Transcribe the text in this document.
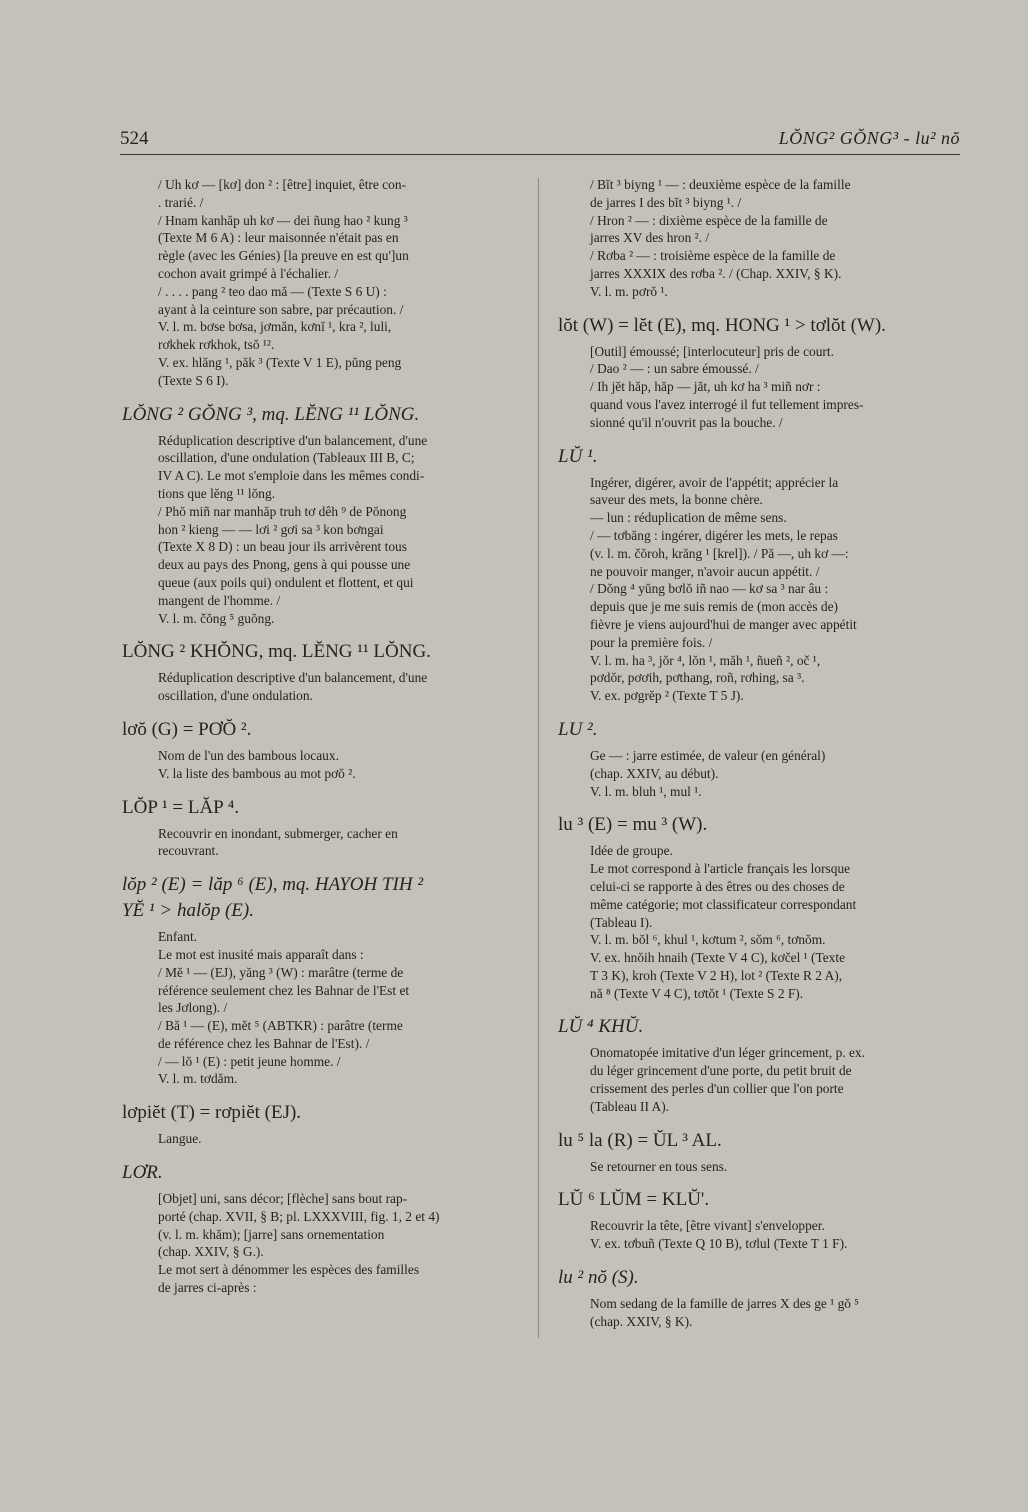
524	LŎNG² GŎNG³ - lu² nŏ

/ Uh kơ — [kơ] don ² : [être] inquiet, être con-

. trarié. /

/ Hnam kanhăp uh kơ — dei ñung hao ² kung ³

(Texte M 6 A) : leur maisonnée n'était pas en

règle (avec les Génies) [la preuve en est qu']un

cochon avait grimpé à l'échalier. /

/ . . . . pang ² teo dao mă — (Texte S 6 U) :

ayant à la ceinture son sabre, par précaution. /

V. l. m. bơse bơsa, jơmăn, kơnĭ ¹, kra ², luli,

rơkhek rơkhok, tsŏ ¹².

V. ex. hlăng ¹, păk ³ (Texte V 1 E), pŭng peng

(Texte S 6 I).

LŎNG ² GŎNG ³, mq. LĔNG ¹¹ LŎNG.

Réduplication descriptive d'un balancement, d'une

oscillation, d'une ondulation (Tableaux III B, C;

IV A C). Le mot s'emploie dans les mêmes condi-

tions que lĕng ¹¹ lŏng.

/ Phŏ miñ nar manhăp truh tơ dêh ⁹ de Pŏnong

hon ² kieng — — lơi ² gơi sa ³ kon bơngai

(Texte X 8 D) : un beau jour ils arrivèrent tous

deux au pays des Pnong, gens à qui pousse une

queue (aux poils qui) ondulent et flottent, et qui

mangent de l'homme. /

V. l. m. čŏng ⁵ guŏng.

LŎNG ² KHŎNG, mq. LĔNG ¹¹ LŎNG.

Réduplication descriptive d'un balancement, d'une

oscillation, d'une ondulation.

lơŏ (G) = PƠŎ ².

Nom de l'un des bambous locaux.

V. la liste des bambous au mot pơŏ ².

LŎP ¹ = LĂP ⁴.

Recouvrir en inondant, submerger, cacher en

recouvrant.

lŏp ² (E) = lăp ⁶ (E), mq. HAYOH TIH ²
YĔ ¹ > halŏp (E).

Enfant.

Le mot est inusité mais apparaît dans :

/ Mĕ ¹ — (EJ), yăng ³ (W) : marâtre (terme de

référence seulement chez les Bahnar de l'Est et

les Jơlong). /

/ Bă ¹ — (E), mĕt ⁵ (ABTKR) : parâtre (terme

de référence chez les Bahnar de l'Est). /

/ — lŏ ¹ (E) : petit jeune homme. /

V. l. m. tơdăm.

lơpiĕt (T) = rơpiĕt (EJ).

Langue.

LƠR.

[Objet] uni, sans décor; [flèche] sans bout rap-

porté (chap. XVII, § B; pl. LXXXVIII, fig. 1, 2 et 4)

(v. l. m. khăm); [jarre] sans ornementation

(chap. XXIV, § G.).

Le mot sert à dénommer les espèces des familles

de jarres ci-après :

/ Bĭt ³ biyng ¹ — : deuxième espèce de la famille

de jarres I des bĭt ³ biyng ¹. /

/ Hron ² — : dixième espèce de la famille de

jarres XV des hron ². /

/ Rơba ² — : troisième espèce de la famille de

jarres XXXIX des rơba ². / (Chap. XXIV, § K).

V. l. m. pơrŏ ¹.

lŏt (W) = lĕt (E), mq. HONG ¹ > tơlŏt (W).

[Outil] émoussé; [interlocuteur] pris de court.

/ Dao ² — : un sabre émoussé. /

/ Ih jĕt hăp, hăp — jăt, uh kơ ha ³ miñ nơr :

quand vous l'avez interrogé il fut tellement impres-

sionné qu'il n'ouvrit pas la bouche. /

LŬ ¹.

Ingérer, digérer, avoir de l'appétit; apprécier la

saveur des mets, la bonne chère.

— lun : réduplication de même sens.

/ — tơbăng : ingérer, digérer les mets, le repas

(v. l. m. čŏroh, krăng ¹ [krel]). / Pă —, uh kơ —:

ne pouvoir manger, n'avoir aucun appétit. /

/ Dŏng ⁴ yŭng bơlŏ iñ nao — kơ sa ³ nar âu :

depuis que je me suis remis de (mon accès de)

fièvre je viens aujourd'hui de manger avec appétit

pour la première fois. /

V. l. m. ha ³, jŏr ⁴, lŏn ¹, măh ¹, ñueñ ², oč ¹,

pơdŏr, pơơih, pơthang, roñ, rơhing, sa ³.

V. ex. pơgrĕp ² (Texte T 5 J).

LU ².

Ge — : jarre estimée, de valeur (en général)

(chap. XXIV, au début).

V. l. m. bluh ¹, mul ¹.

lu ³ (E) = mu ³ (W).

Idée de groupe.

Le mot correspond à l'article français les lorsque

celui-ci se rapporte à des êtres ou des choses de

même catégorie; mot classificateur correspondant

(Tableau I).

V. l. m. bŏl ⁶, khul ¹, kơtum ², sŏm ⁶, tơnŏm.

V. ex. hnŏih hnaih (Texte V 4 C), kơčel ¹ (Texte

T 3 K), kroh (Texte V 2 H), lot ² (Texte R 2 A),

nă ⁸ (Texte V 4 C), tơtŏt ¹ (Texte S 2 F).

LŬ ⁴ KHŬ.

Onomatopée imitative d'un léger grincement, p. ex.

du léger grincement d'une porte, du petit bruit de

crissement des perles d'un collier que l'on porte

(Tableau II A).

lu ⁵ la (R) = ŬL ³ AL.

Se retourner en tous sens.

LŬ ⁶ LŬM = KLŬ'.

Recouvrir la tête, [être vivant] s'envelopper.

V. ex. tơbuñ (Texte Q 10 B), tơlul (Texte T 1 F).

lu ² nŏ (S).

Nom sedang de la famille de jarres X des ge ¹ gŏ ⁵

(chap. XXIV, § K).
